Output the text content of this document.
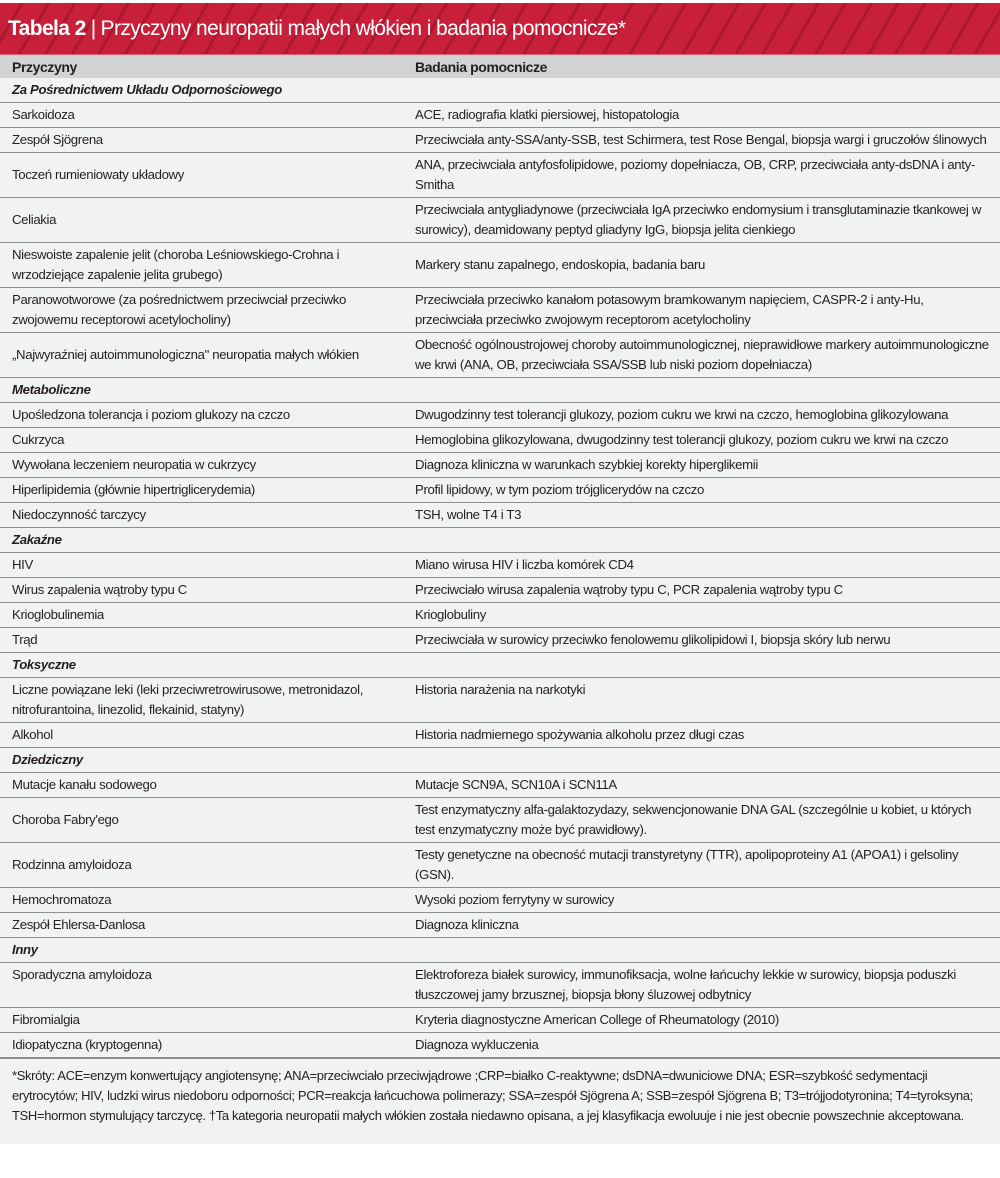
Tabela 2 | Przyczyny neuropatii małych włókien i badania pomocnicze*
Przyczyny	Badania pomocnicze
Za Pośrednictwem Układu Odpornościowego	
Sarkoidoza	ACE, radiografia klatki piersiowej, histopatologia
Zespół Sjögrena	Przeciwciała anty-SSA/anty-SSB, test Schirmera, test Rose Bengal, biopsja wargi i gruczołów ślinowych
Toczeń rumieniowaty układowy	ANA, przeciwciała antyfosfolipidowe, poziomy dopełniacza, OB, CRP, przeciwciała anty-dsDNA i anty-Smitha
Celiakia	Przeciwciała antygliadynowe (przeciwciała IgA przeciwko endomysium i transglutaminazie tkankowej w surowicy), deamidowany peptyd gliadyny IgG, biopsja jelita cienkiego
Nieswoiste zapalenie jelit (choroba Leśniowskiego-Crohna i wrzodziejące zapalenie jelita grubego)	Markery stanu zapalnego, endoskopia, badania baru
Paranowotworowe (za pośrednictwem przeciwciał przeciwko zwojowemu receptorowi acetylocholiny)	Przeciwciała przeciwko kanałom potasowym bramkowanym napięciem, CASPR-2 i anty-Hu, przeciwciała przeciwko zwojowym receptorom acetylocholiny
„Najwyraźniej autoimmunologiczna" neuropatia małych włókien	Obecność ogólnoustrojowej choroby autoimmunologicznej, nieprawidłowe markery autoimmunologiczne we krwi (ANA, OB, przeciwciała SSA/SSB lub niski poziom dopełniacza)
Metaboliczne	
Upośledzona tolerancja i poziom glukozy na czczo	Dwugodzinny test tolerancji glukozy, poziom cukru we krwi na czczo, hemoglobina glikozylowana
Cukrzyca	Hemoglobina glikozylowana, dwugodzinny test tolerancji glukozy, poziom cukru we krwi na czczo
Wywołana leczeniem neuropatia w cukrzycy	Diagnoza kliniczna w warunkach szybkiej korekty hiperglikemii
Hiperlipidemia (głównie hipertriglicerydemia)	Profil lipidowy, w tym poziom trójglicerydów na czczo
Niedoczynność tarczycy	TSH, wolne T4 i T3
Zakaźne	
HIV	Miano wirusa HIV i liczba komórek CD4
Wirus zapalenia wątroby typu C	Przeciwciało wirusa zapalenia wątroby typu C, PCR zapalenia wątroby typu C
Krioglobulinemia	Krioglobuliny
Trąd	Przeciwciała w surowicy przeciwko fenolowemu glikolipidowi I, biopsja skóry lub nerwu
Toksyczne	
Liczne powiązane leki (leki przeciwretrowirusowe, metronidazol, nitrofurantoina, linezolid, flekainid, statyny)	Historia narażenia na narkotyki
Alkohol	Historia nadmiernego spożywania alkoholu przez długi czas
Dziedziczny	
Mutacje kanału sodowego	Mutacje SCN9A, SCN10A i SCN11A
Choroba Fabry'ego	Test enzymatyczny alfa-galaktozydazy, sekwencjonowanie DNA GAL (szczególnie u kobiet, u których test enzymatyczny może być prawidłowy).
Rodzinna amyloidoza	Testy genetyczne na obecność mutacji transtyretyny (TTR), apolipoproteiny A1 (APOA1) i gelsoliny (GSN).
Hemochromatoza	Wysoki poziom ferrytyny w surowicy
Zespół Ehlersa-Danlosa	Diagnoza kliniczna
Inny	
Sporadyczna amyloidoza	Elektroforeza białek surowicy, immunofiksacja, wolne łańcuchy lekkie w surowicy, biopsja poduszki tłuszczowej jamy brzusznej, biopsja błony śluzowej odbytnicy
Fibromialgia	Kryteria diagnostyczne American College of Rheumatology (2010)
Idiopatyczna (kryptogenna)	Diagnoza wykluczenia
*Skróty: ACE=enzym konwertujący angiotensynę; ANA=przeciwciało przeciwjądrowe ;CRP=białko C-reaktywne; dsDNA=dwuniciowe DNA; ESR=szybkość sedymentacji erytrocytów; HIV, ludzki wirus niedoboru odporności; PCR=reakcja łańcuchowa polimerazy; SSA=zespół Sjögrena A; SSB=zespół Sjögrena B; T3=trójjodotyronina; T4=tyroksyna; TSH=hormon stymulujący tarczycę. †Ta kategoria neuropatii małych włókien została niedawno opisana, a jej klasyfikacja ewoluuje i nie jest obecnie powszechnie akceptowana.
